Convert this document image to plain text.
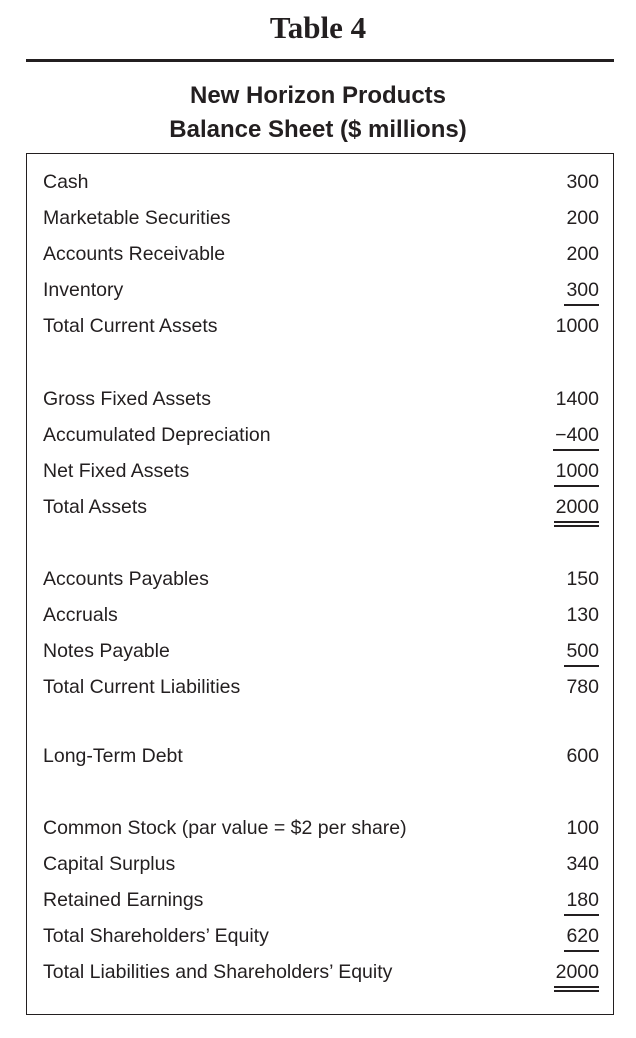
Table 4
New Horizon Products
Balance Sheet ($ millions)
Cash	300
Marketable Securities	200
Accounts Receivable	200
Inventory	300
Total Current Assets	1000
Gross Fixed Assets	1400
Accumulated Depreciation	−400
Net Fixed Assets	1000
Total Assets	2000
Accounts Payables	150
Accruals	130
Notes Payable	500
Total Current Liabilities	780
Long-Term Debt	600
Common Stock (par value = $2 per share)	100
Capital Surplus	340
Retained Earnings	180
Total Shareholders’ Equity	620
Total Liabilities and Shareholders’ Equity	2000
